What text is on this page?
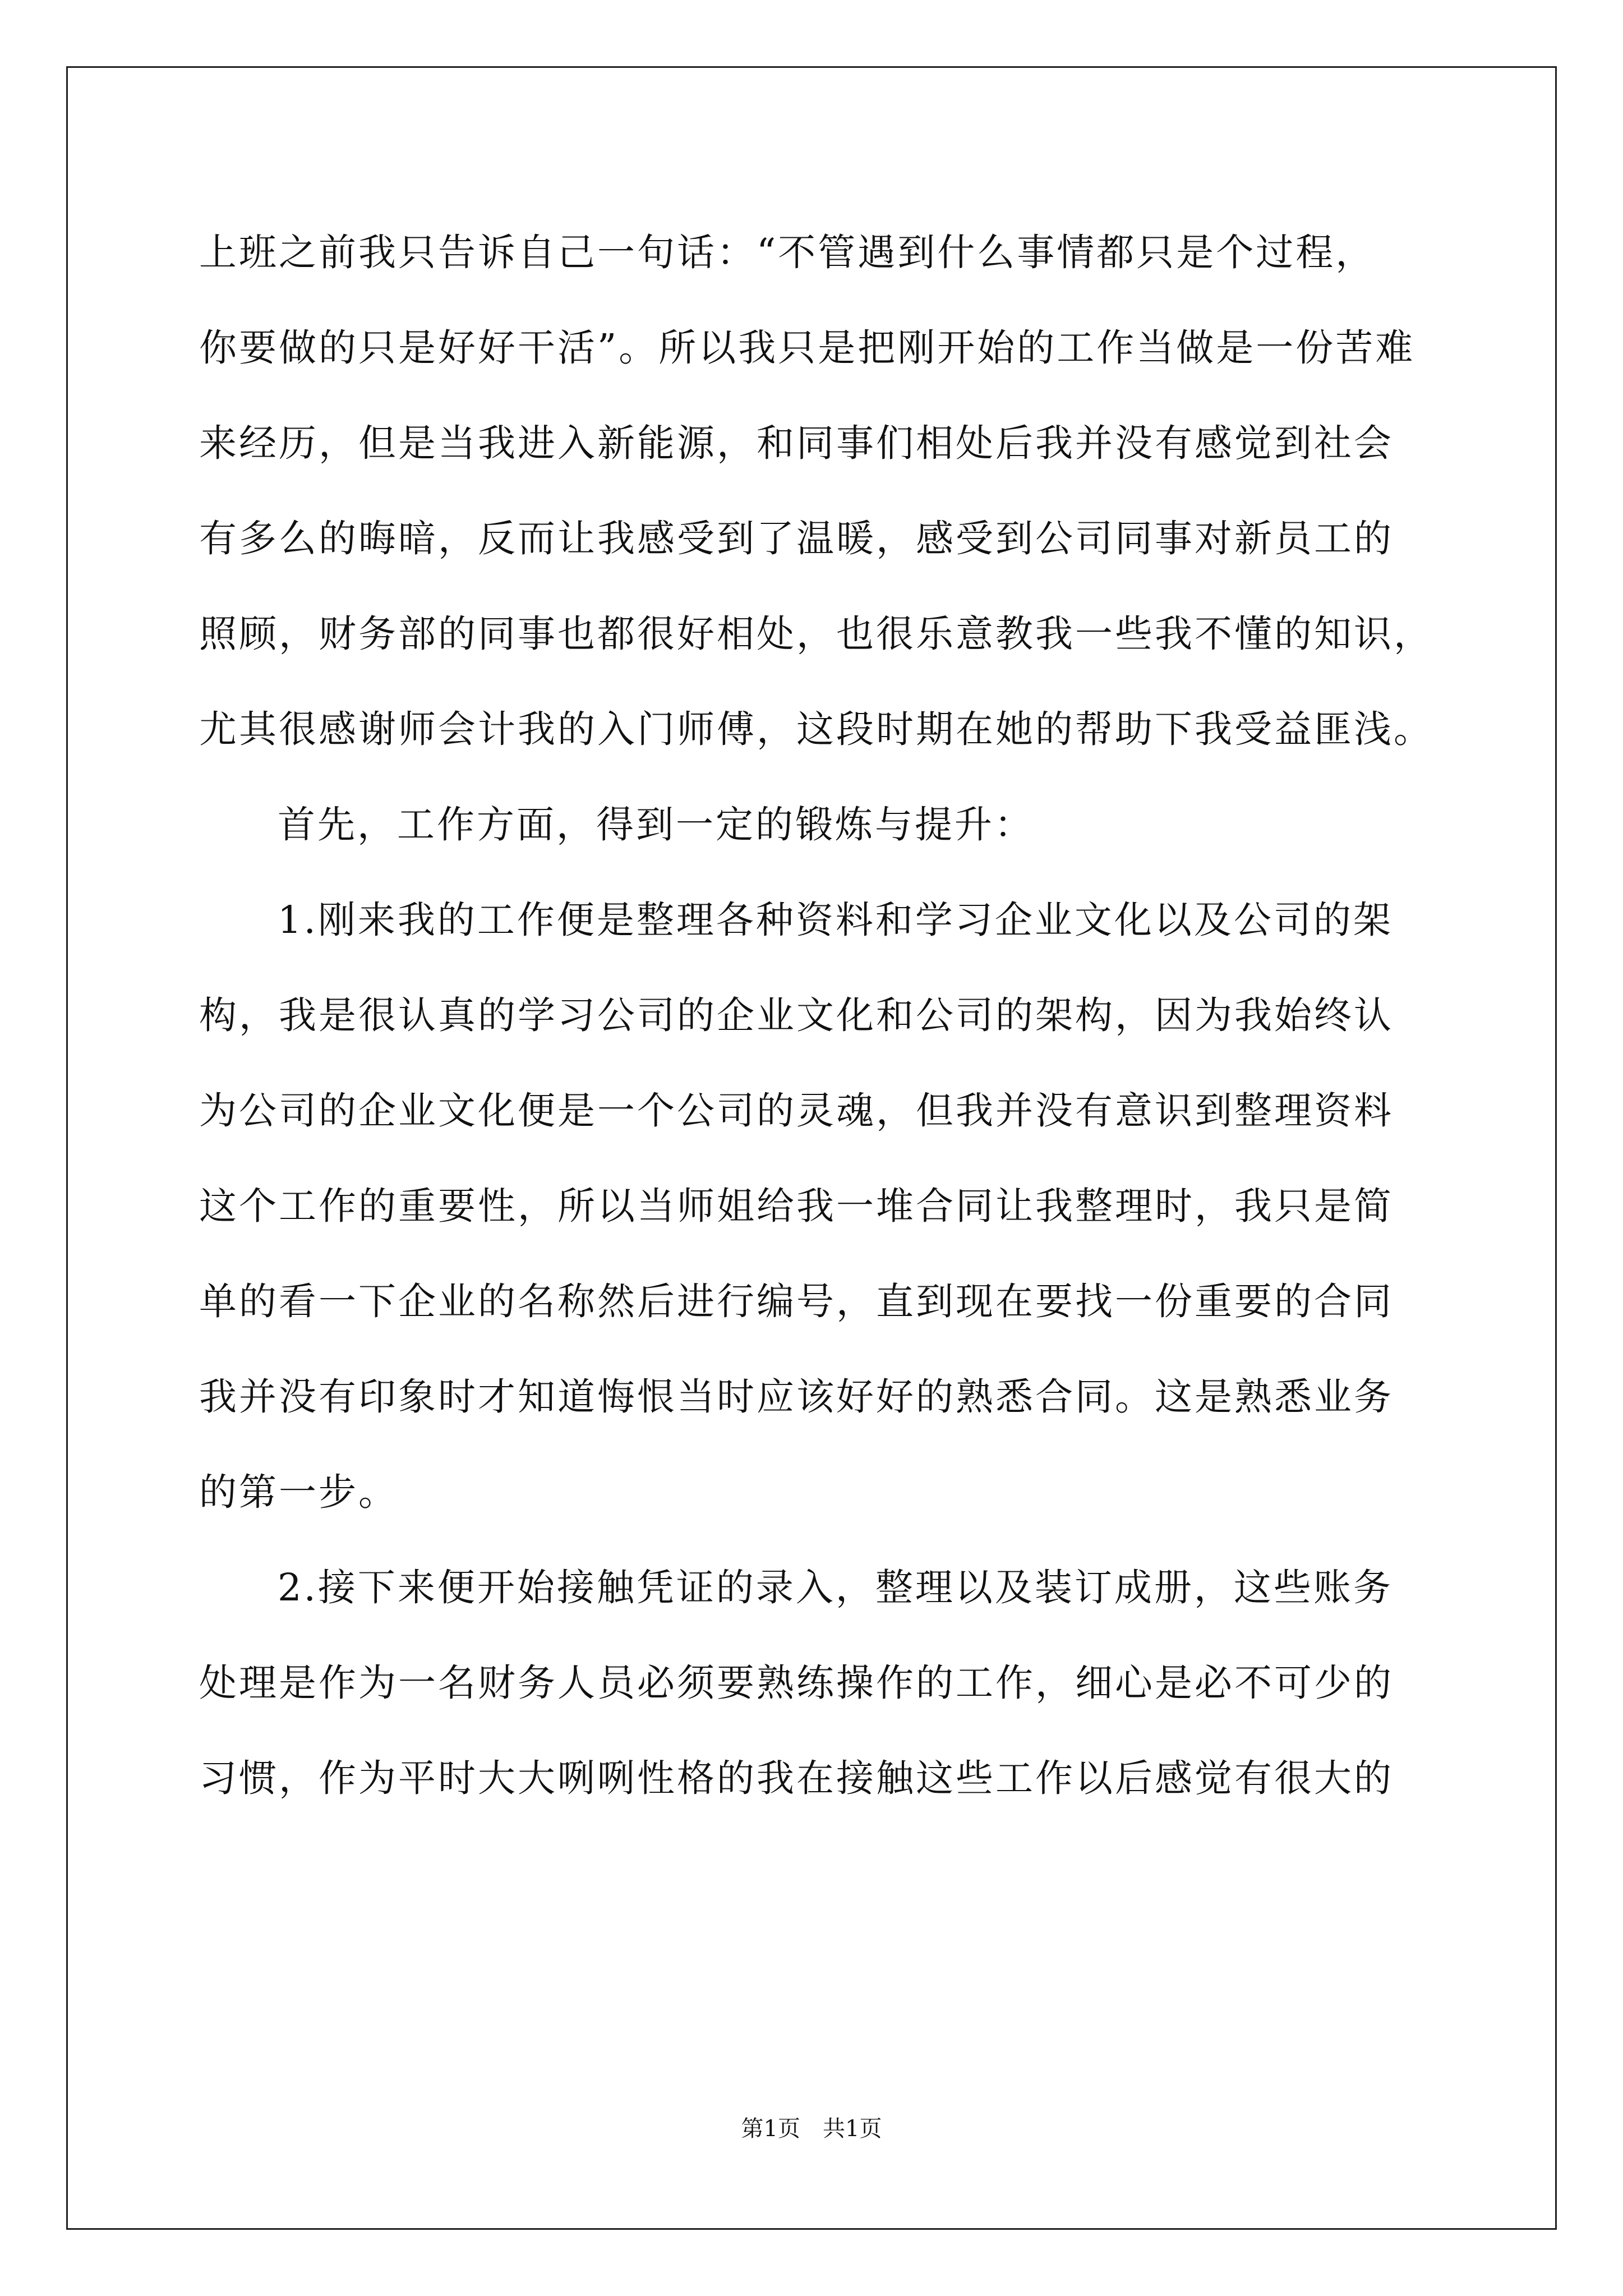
上班之前我只告诉自己一句话：“不管遇到什么事情都只是个过程，
你要做的只是好好干活”。所以我只是把刚开始的工作当做是一份苦难
来经历，但是当我进入新能源，和同事们相处后我并没有感觉到社会
有多么的晦暗，反而让我感受到了温暖，感受到公司同事对新员工的
照顾，财务部的同事也都很好相处，也很乐意教我一些我不懂的知识，
尤其很感谢师会计我的入门师傅，这段时期在她的帮助下我受益匪浅。
首先，工作方面，得到一定的锻炼与提升：
1.刚来我的工作便是整理各种资料和学习企业文化以及公司的架
构，我是很认真的学习公司的企业文化和公司的架构，因为我始终认
为公司的企业文化便是一个公司的灵魂，但我并没有意识到整理资料
这个工作的重要性，所以当师姐给我一堆合同让我整理时，我只是简
单的看一下企业的名称然后进行编号，直到现在要找一份重要的合同
我并没有印象时才知道悔恨当时应该好好的熟悉合同。这是熟悉业务
的第一步。
2.接下来便开始接触凭证的录入，整理以及装订成册，这些账务
处理是作为一名财务人员必须要熟练操作的工作，细心是必不可少的
习惯，作为平时大大咧咧性格的我在接触这些工作以后感觉有很大的
第1页　共1页
